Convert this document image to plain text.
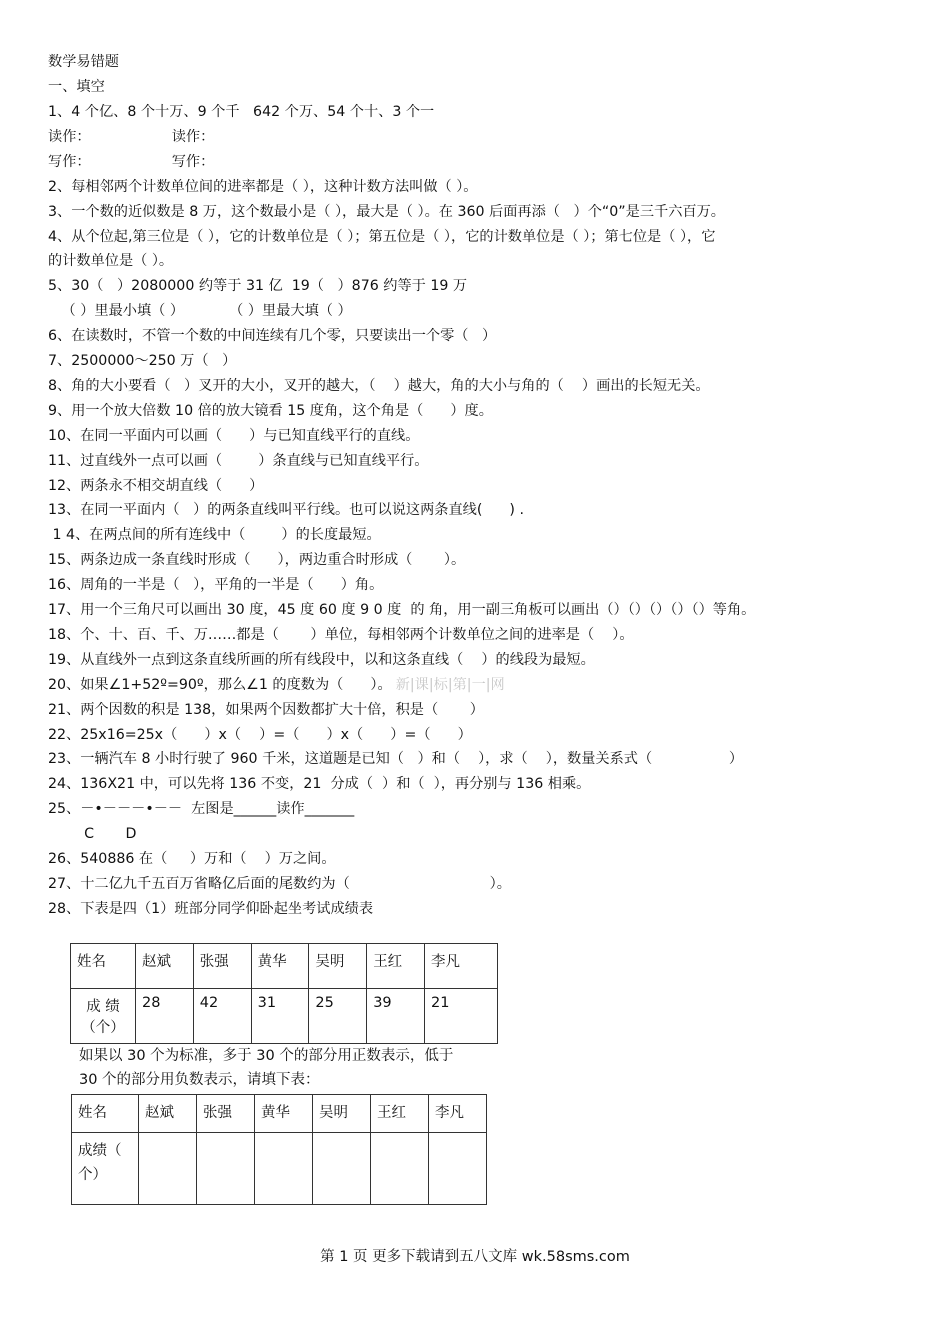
数学易错题
一、填空
1、4 个亿、8 个十万、9 个千   642 个万、54 个十、3 个一
读作：                  读作：
写作：                  写作：
2、每相邻两个计数单位间的进率都是（ ），这种计数方法叫做（ ）。
3、一个数的近似数是 8 万，这个数最小是（ ），最大是（ ）。在 360 后面再添（   ）个“0”是三千六百万。
4、从个位起,第三位是（ ），它的计数单位是（ ）；第五位是（ ），它的计数单位是（ ）；第七位是（ ），它
的计数单位是（ ）。
5、30（   ）2080000 约等于 31 亿  19（   ）876 约等于 19 万
（ ）里最小填（ ）          （ ）里最大填（ ）
6、在读数时，不管一个数的中间连续有几个零，只要读出一个零（   ）
7、2500000～250 万（   ）
8、角的大小要看（   ）叉开的大小，叉开的越大，（    ）越大，角的大小与角的（    ）画出的长短无关。
9、用一个放大倍数 10 倍的放大镜看 15 度角，这个角是（      ）度。
10、在同一平面内可以画（      ）与已知直线平行的直线。
11、过直线外一点可以画（        ）条直线与已知直线平行。
12、两条永不相交胡直线（      ）
13、在同一平面内（   ）的两条直线叫平行线。也可以说这两条直线(      ) .
1 4、在两点间的所有连线中（        ）的长度最短。
15、两条边成一条直线时形成（      ），两边重合时形成（       ）。
16、周角的一半是（   ），平角的一半是（      ）角。
17、用一个三角尺可以画出 30 度，45 度 60 度 9 0 度  的 角，用一副三角板可以画出（）（）（）（）（）等角。
18、个、十、百、千、万……都是（       ）单位，每相邻两个计数单位之间的进率是（    ）。
19、从直线外一点到这条直线所画的所有线段中，以和这条直线（    ）的线段为最短。
20、如果∠1+52º=90º，那么∠1 的度数为（      ）。 新|课|标|第|一|网
21、两个因数的积是 138，如果两个因数都扩大十倍，积是（       ）
22、25x16=25x（      ）x（    ）=（      ）x（      ）=（      ）
23、一辆汽车 8 小时行驶了 960 千米，这道题是已知（   ）和（    ），求（    ），数量关系式（                 ）
24、136X21 中，可以先将 136 不变，21  分成（  ）和（  ），再分别与 136 相乘。
25、－•－－－•－－  左图是______读作_______
C       D
26、540886 在（     ）万和（    ）万之间。
27、十二亿九千五百万省略亿后面的尾数约为（                               ）。
28、下表是四（1）班部分同学仰卧起坐考试成绩表
姓名	赵斌	张强	黄华	吴明	王红	李凡
成 绩（个）	28	42	31	25	39	21
如果以 30 个为标准，多于 30 个的部分用正数表示，低于
30 个的部分用负数表示，请填下表：
姓名	赵斌	张强	黄华	吴明	王红	李凡
成绩（ 个）						
第 1 页 更多下载请到五八文库 wk.58sms.com
